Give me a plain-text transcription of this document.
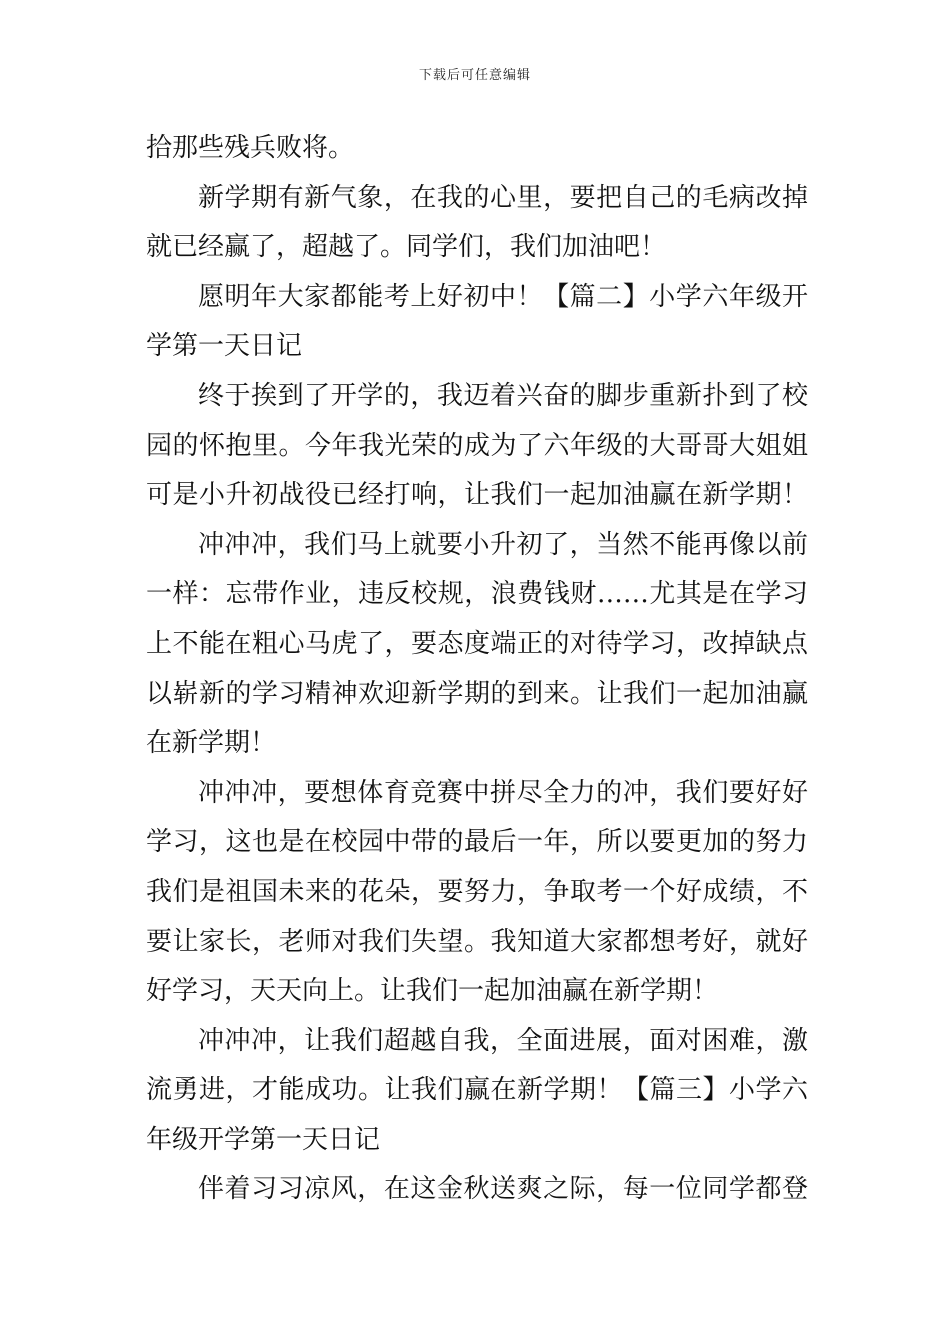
下载后可任意编辑
拾那些残兵败将。
新学期有新气象，在我的心里，要把自己的毛病改掉
就已经赢了，超越了。同学们，我们加油吧！
愿明年大家都能考上好初中！【篇二】小学六年级开
学第一天日记
终于挨到了开学的，我迈着兴奋的脚步重新扑到了校
园的怀抱里。今年我光荣的成为了六年级的大哥哥大姐姐
可是小升初战役已经打响，让我们一起加油赢在新学期！
冲冲冲，我们马上就要小升初了，当然不能再像以前
一样：忘带作业，违反校规，浪费钱财……尤其是在学习
上不能在粗心马虎了，要态度端正的对待学习，改掉缺点
以崭新的学习精神欢迎新学期的到来。让我们一起加油赢
在新学期！
冲冲冲，要想体育竞赛中拼尽全力的冲，我们要好好
学习，这也是在校园中带的最后一年，所以要更加的努力
我们是祖国未来的花朵，要努力，争取考一个好成绩，不
要让家长，老师对我们失望。我知道大家都想考好，就好
好学习，天天向上。让我们一起加油赢在新学期！
冲冲冲，让我们超越自我，全面进展，面对困难，激
流勇进，才能成功。让我们赢在新学期！【篇三】小学六
年级开学第一天日记
伴着习习凉风，在这金秋送爽之际，每一位同学都登
